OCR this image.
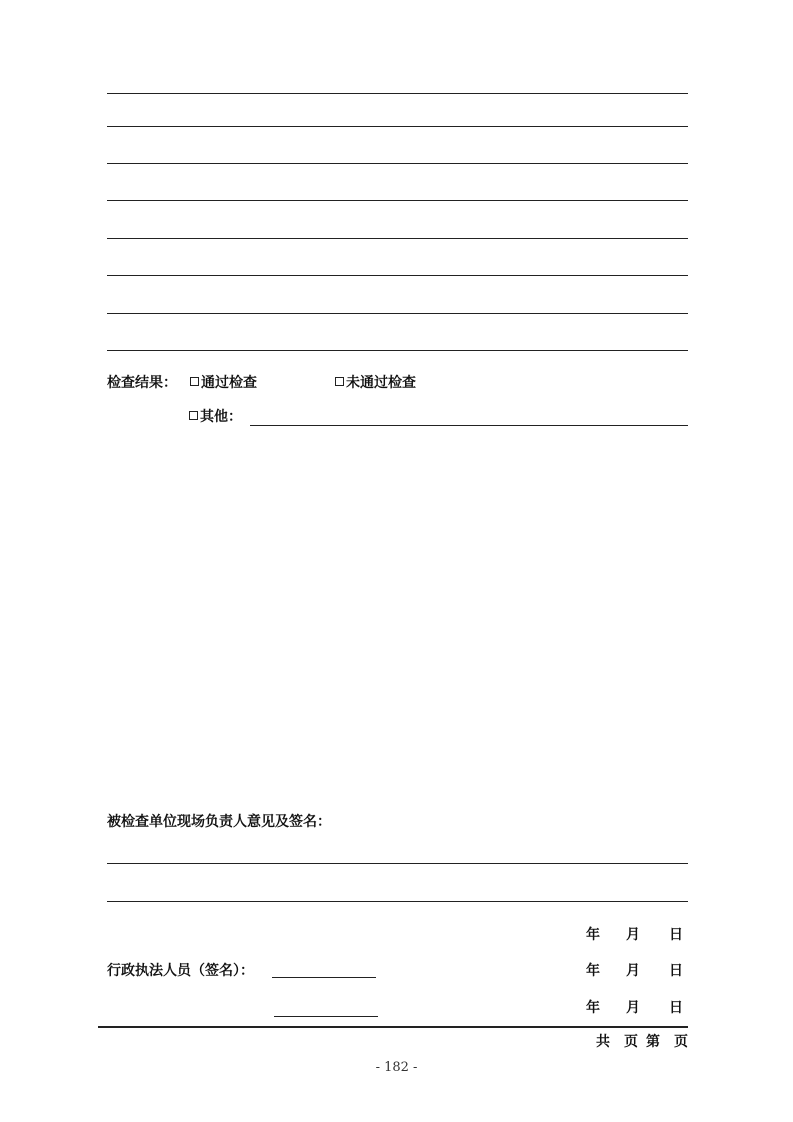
检查结果：	通过检查	未通过检查
其他：
被检查单位现场负责人意见及签名：
年 月 日
行政执法人员（签名）：	年 月 日
年 月 日
共 页 第 页
- 182 -
